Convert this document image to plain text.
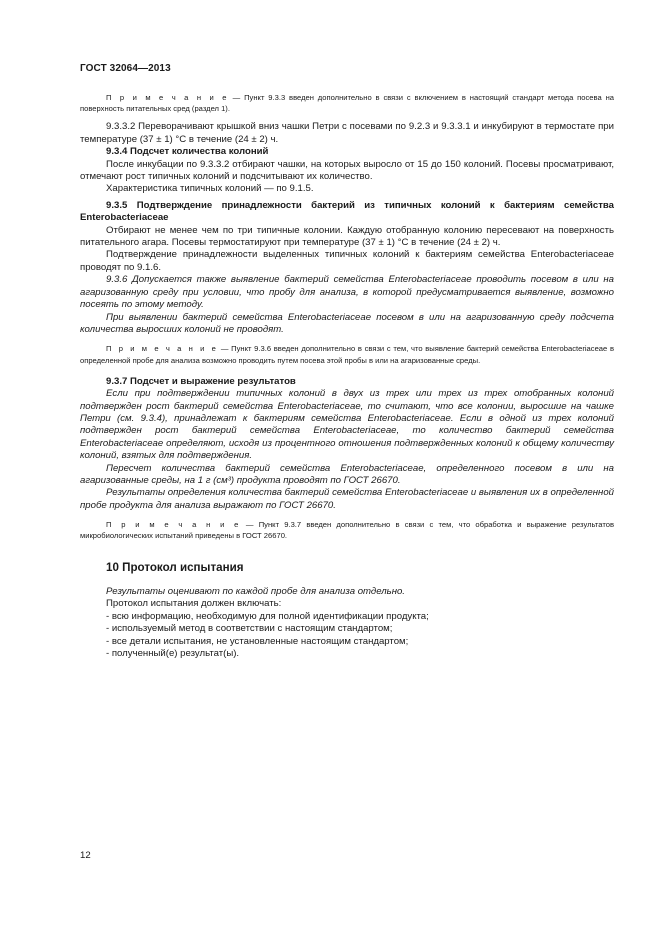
ГОСТ 32064—2013

П р и м е ч а н и е — Пункт 9.3.3 введен дополнительно в связи с включением в настоящий стандарт метода посева на поверхность питательных сред (раздел 1).

9.3.3.2 Переворачивают крышкой вниз чашки Петри с посевами по 9.2.3 и 9.3.3.1 и инкубируют в термостате при температуре (37 ± 1) °С в течение (24 ± 2) ч.

9.3.4 Подсчет количества колоний

После инкубации по 9.3.3.2 отбирают чашки, на которых выросло от 15 до 150 колоний. Посевы просматривают, отмечают рост типичных колоний и подсчитывают их количество.

Характеристика типичных колоний — по 9.1.5.

9.3.5 Подтверждение принадлежности бактерий из типичных колоний к бактериям семейства Enterobacteriaceae

Отбирают не менее чем по три типичные колонии. Каждую отобранную колонию пересевают на поверхность питательного агара. Посевы термостатируют при температуре (37 ± 1) °С в течение (24 ± 2) ч.

Подтверждение принадлежности выделенных типичных колоний к бактериям семейства Enterobacteriaceae проводят по 9.1.6.

9.3.6 Допускается также выявление бактерий семейства Enterobacteriaceae проводить посевом в или на агаризованную среду при условии, что пробу для анализа, в которой предусматривается выявление, возможно посеять по этому методу.

При выявлении бактерий семейства Enterobacteriaceae посевом в или на агаризованную среду подсчета количества выросших колоний не проводят.

П р и м е ч а н и е — Пункт 9.3.6 введен дополнительно в связи с тем, что выявление бактерий семейства Enterobacteriaceae в определенной пробе для анализа возможно проводить путем посева этой пробы в или на агаризованные среды.

9.3.7 Подсчет и выражение результатов

Если при подтверждении типичных колоний в двух из трех или трех из трех отобранных колоний подтвержден рост бактерий семейства Enterobacteriaceae, то считают, что все колонии, выросшие на чашке Петри (см. 9.3.4), принадлежат к бактериям семейства Enterobacteriaceae. Если в одной из трех колоний подтвержден рост бактерий семейства Enterobacteriaceae, то количество бактерий семейства Enterobacteriaceae определяют, исходя из процентного отношения подтвержденных колоний к общему количеству колоний, взятых для подтверждения.

Пересчет количества бактерий семейства Enterobacteriaceae, определенного посевом в или на агаризованные среды, на 1 г (см³) продукта проводят по ГОСТ 26670.

Результаты определения количества бактерий семейства Enterobacteriaceae и выявления их в определенной пробе продукта для анализа выражают по ГОСТ 26670.

П р и м е ч а н и е — Пункт 9.3.7 введен дополнительно в связи с тем, что обработка и выражение результатов микробиологических испытаний приведены в ГОСТ 26670.

10 Протокол испытания

Результаты оценивают по каждой пробе для анализа отдельно.

Протокол испытания должен включать:

- всю информацию, необходимую для полной идентификации продукта;

- используемый метод в соответствии с настоящим стандартом;

- все детали испытания, не установленные настоящим стандартом;

- полученный(е) результат(ы).

12
